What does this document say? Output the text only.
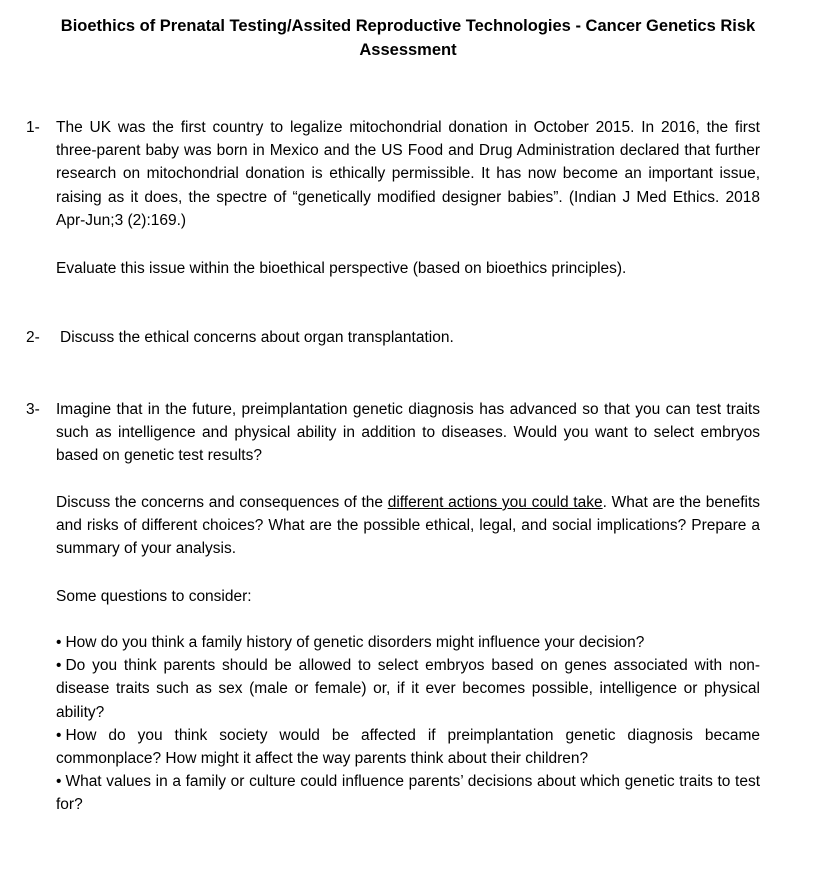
Bioethics of Prenatal Testing/Assited Reproductive Technologies - Cancer Genetics Risk
Assessment
1- The UK was the first country to legalize mitochondrial donation in October 2015. In 2016, the first three-parent baby was born in Mexico and the US Food and Drug Administration declared that further research on mitochondrial donation is ethically permissible. It has now become an important issue, raising as it does, the spectre of “genetically modified designer babies”. (Indian J Med Ethics. 2018 Apr-Jun;3 (2):169.)
Evaluate this issue within the bioethical perspective (based on bioethics principles).
2- Discuss the ethical concerns about organ transplantation.
3- Imagine that in the future, preimplantation genetic diagnosis has advanced so that you can test traits such as intelligence and physical ability in addition to diseases. Would you want to select embryos based on genetic test results?
Discuss the concerns and consequences of the different actions you could take. What are the benefits and risks of different choices? What are the possible ethical, legal, and social implications? Prepare a summary of your analysis.
Some questions to consider:
• How do you think a family history of genetic disorders might influence your decision?
• Do you think parents should be allowed to select embryos based on genes associated with non-disease traits such as sex (male or female) or, if it ever becomes possible, intelligence or physical ability?
• How do you think society would be affected if preimplantation genetic diagnosis became commonplace? How might it affect the way parents think about their children?
• What values in a family or culture could influence parents’ decisions about which genetic traits to test for?
